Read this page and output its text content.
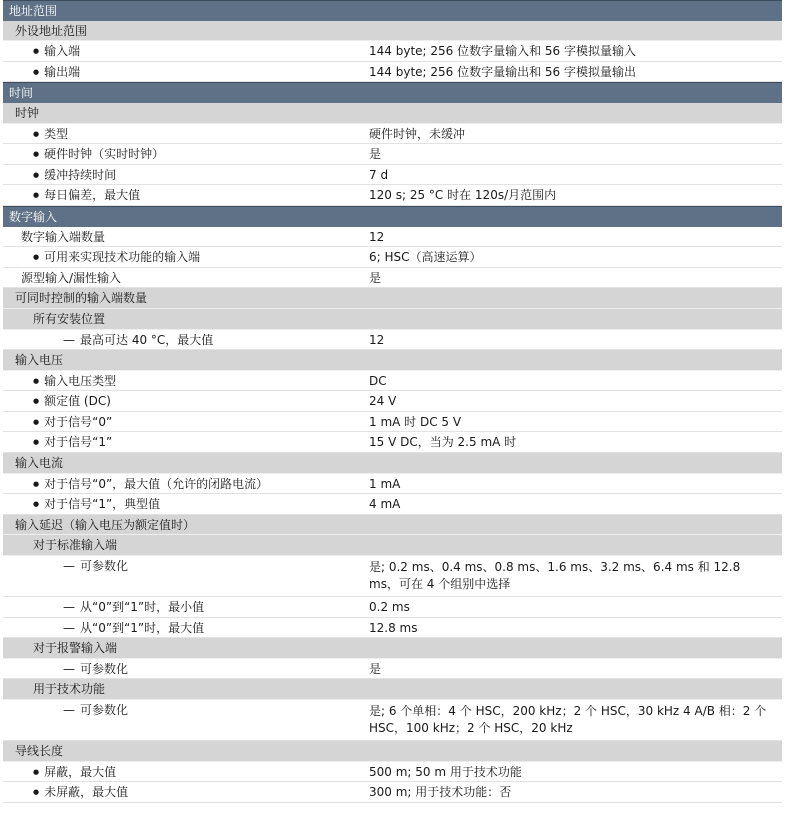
地址范围
外设地址范围
● 输入端	144 byte; 256 位数字量输入和 56 字模拟量输入
● 输出端	144 byte; 256 位数字量输出和 56 字模拟量输出
时间
时钟
● 类型	硬件时钟，未缓冲
● 硬件时钟（实时时钟）	是
● 缓冲持续时间	7 d
● 每日偏差，最大值	120 s; 25 °C 时在 120s/月范围内
数字输入
数字输入端数量	12
● 可用来实现技术功能的输入端	6; HSC（高速运算）
源型输入/漏性输入	是
可同时控制的输入端数量
所有安装位置
— 最高可达 40 °C，最大值	12
输入电压
● 输入电压类型	DC
● 额定值 (DC)	24 V
● 对于信号“0”	1 mA 时 DC 5 V
● 对于信号“1”	15 V DC，当为 2.5 mA 时
输入电流
● 对于信号“0”，最大值（允许的闭路电流）	1 mA
● 对于信号“1”，典型值	4 mA
输入延迟（输入电压为额定值时）
对于标准输入端
— 可参数化	是; 0.2 ms、0.4 ms、0.8 ms、1.6 ms、3.2 ms、6.4 ms 和 12.8 ms，可在 4 个组别中选择
— 从“0”到“1”时，最小值	0.2 ms
— 从“0”到“1”时，最大值	12.8 ms
对于报警输入端
— 可参数化	是
用于技术功能
— 可参数化	是; 6 个单相：4 个 HSC，200 kHz；2 个 HSC，30 kHz 4 A/B 相：2 个 HSC，100 kHz；2 个 HSC，20 kHz
导线长度
● 屏蔽，最大值	500 m; 50 m 用于技术功能
● 未屏蔽，最大值	300 m; 用于技术功能：否
